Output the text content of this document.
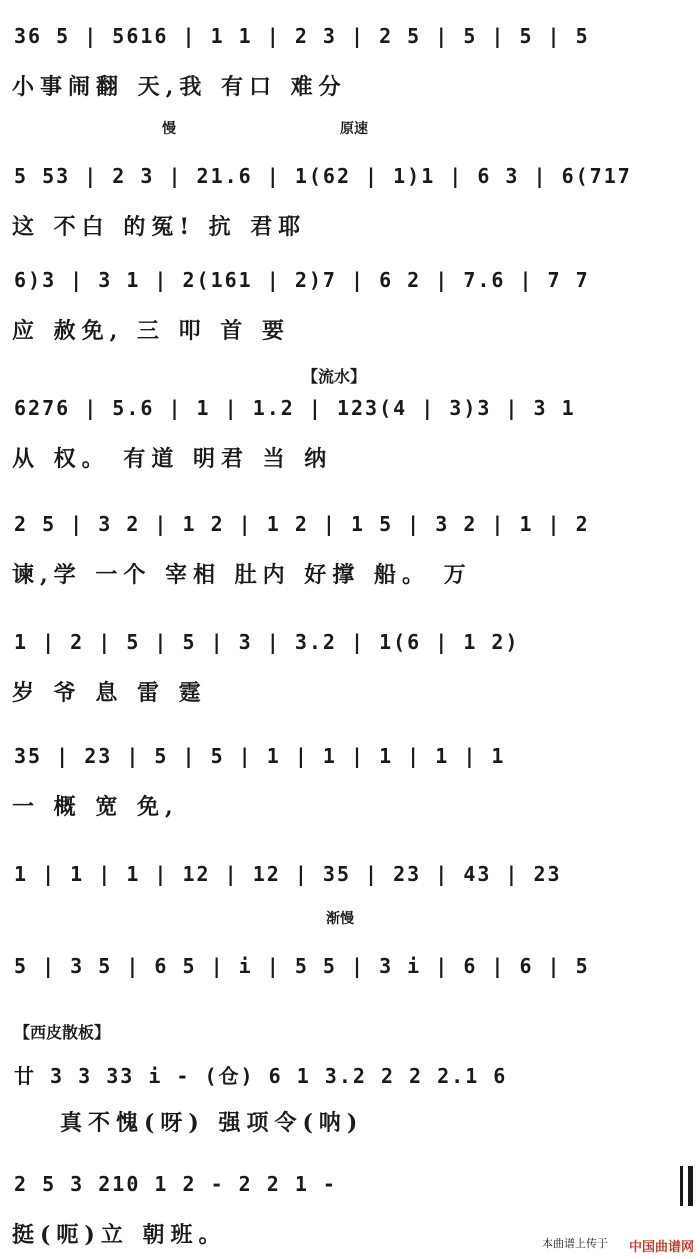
36 5 | 5616 | 1 1 | 2 3 | 2 5 | 5 | 5 | 5
小事闹翻 天,我 有口 难分
慢	原速
5 53 | 2 3 | 21.6 | 1(62 | 1)1 | 6 3 | 6(717
这 不白 的冤! 抗 君耶
6)3 | 3 1 | 2(161 | 2)7 | 6 2 | 7.6 | 7 7
应 赦免, 三 叩 首 要
【流水】
6276 | 5.6 | 1 | 1.2 | 123(4 | 3)3 | 3 1
从 权。 有道 明君 当 纳
2 5 | 3 2 | 1 2 | 1 2 | 1 5 | 3 2 | 1 | 2
谏,学 一个 宰相 肚内 好撑 船。 万
1 | 2 | 5 | 5 | 3 | 3.2 | 1(6 | 1 2)
岁 爷 息 雷 霆
35 | 23 | 5 | 5 | 1 | 1 | 1 | 1 | 1
一 概 宽 免,
1 | 1 | 1 | 12 | 12 | 35 | 23 | 43 | 23
渐慢
5 | 3 5 | 6 5 | i | 5 5 | 3 i | 6 | 6 | 5
【西皮散板】
廿 3 3 33 i - (仓) 6 1 3.2 2 2 2.1 6
真不愧(呀) 强项令(呐)
2 5 3 210 1 2 - 2 2 1 -
挺(呃)立 朝班。	本曲谱上传于 中国曲谱网
